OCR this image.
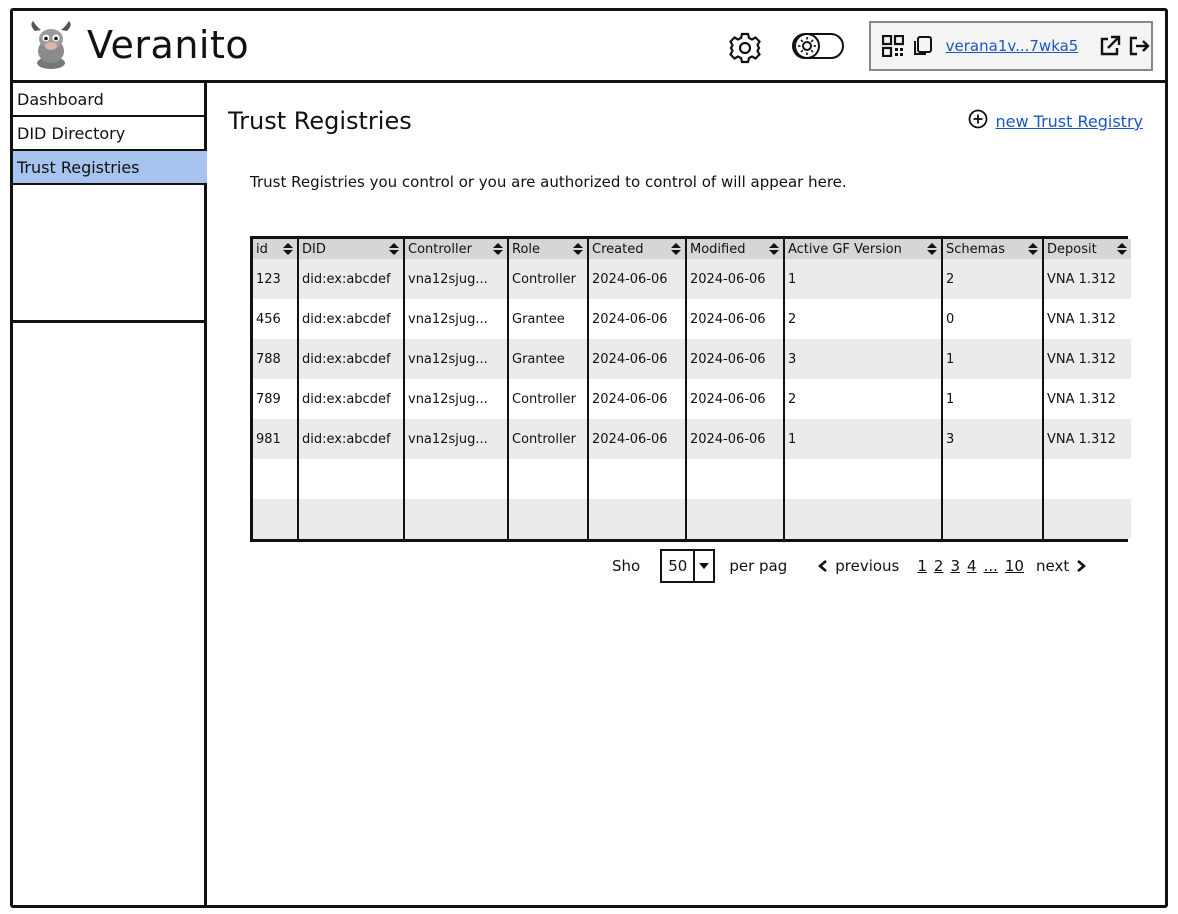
Veranito	verana1v...7wka5
Dashboard
DID Directory
Trust Registries
Trust Registries	new Trust Registry
Trust Registries you control or you are authorized to control of will appear here.
id	DID	Controller	Role	Created	Modified	Active GF Version	Schemas	Deposit

123	did:ex:abcdef	vna12sjug...	Controller	2024-06-06	2024-06-06	1	2	VNA 1.312
456	did:ex:abcdef	vna12sjug...	Grantee	2024-06-06	2024-06-06	2	0	VNA 1.312
788	did:ex:abcdef	vna12sjug...	Grantee	2024-06-06	2024-06-06	3	1	VNA 1.312
789	did:ex:abcdef	vna12sjug...	Controller	2024-06-06	2024-06-06	2	1	VNA 1.312
981	did:ex:abcdef	vna12sjug...	Controller	2024-06-06	2024-06-06	1	3	VNA 1.312

Sho	50	per pag	previous 1 2 3 4 ... 10 next
